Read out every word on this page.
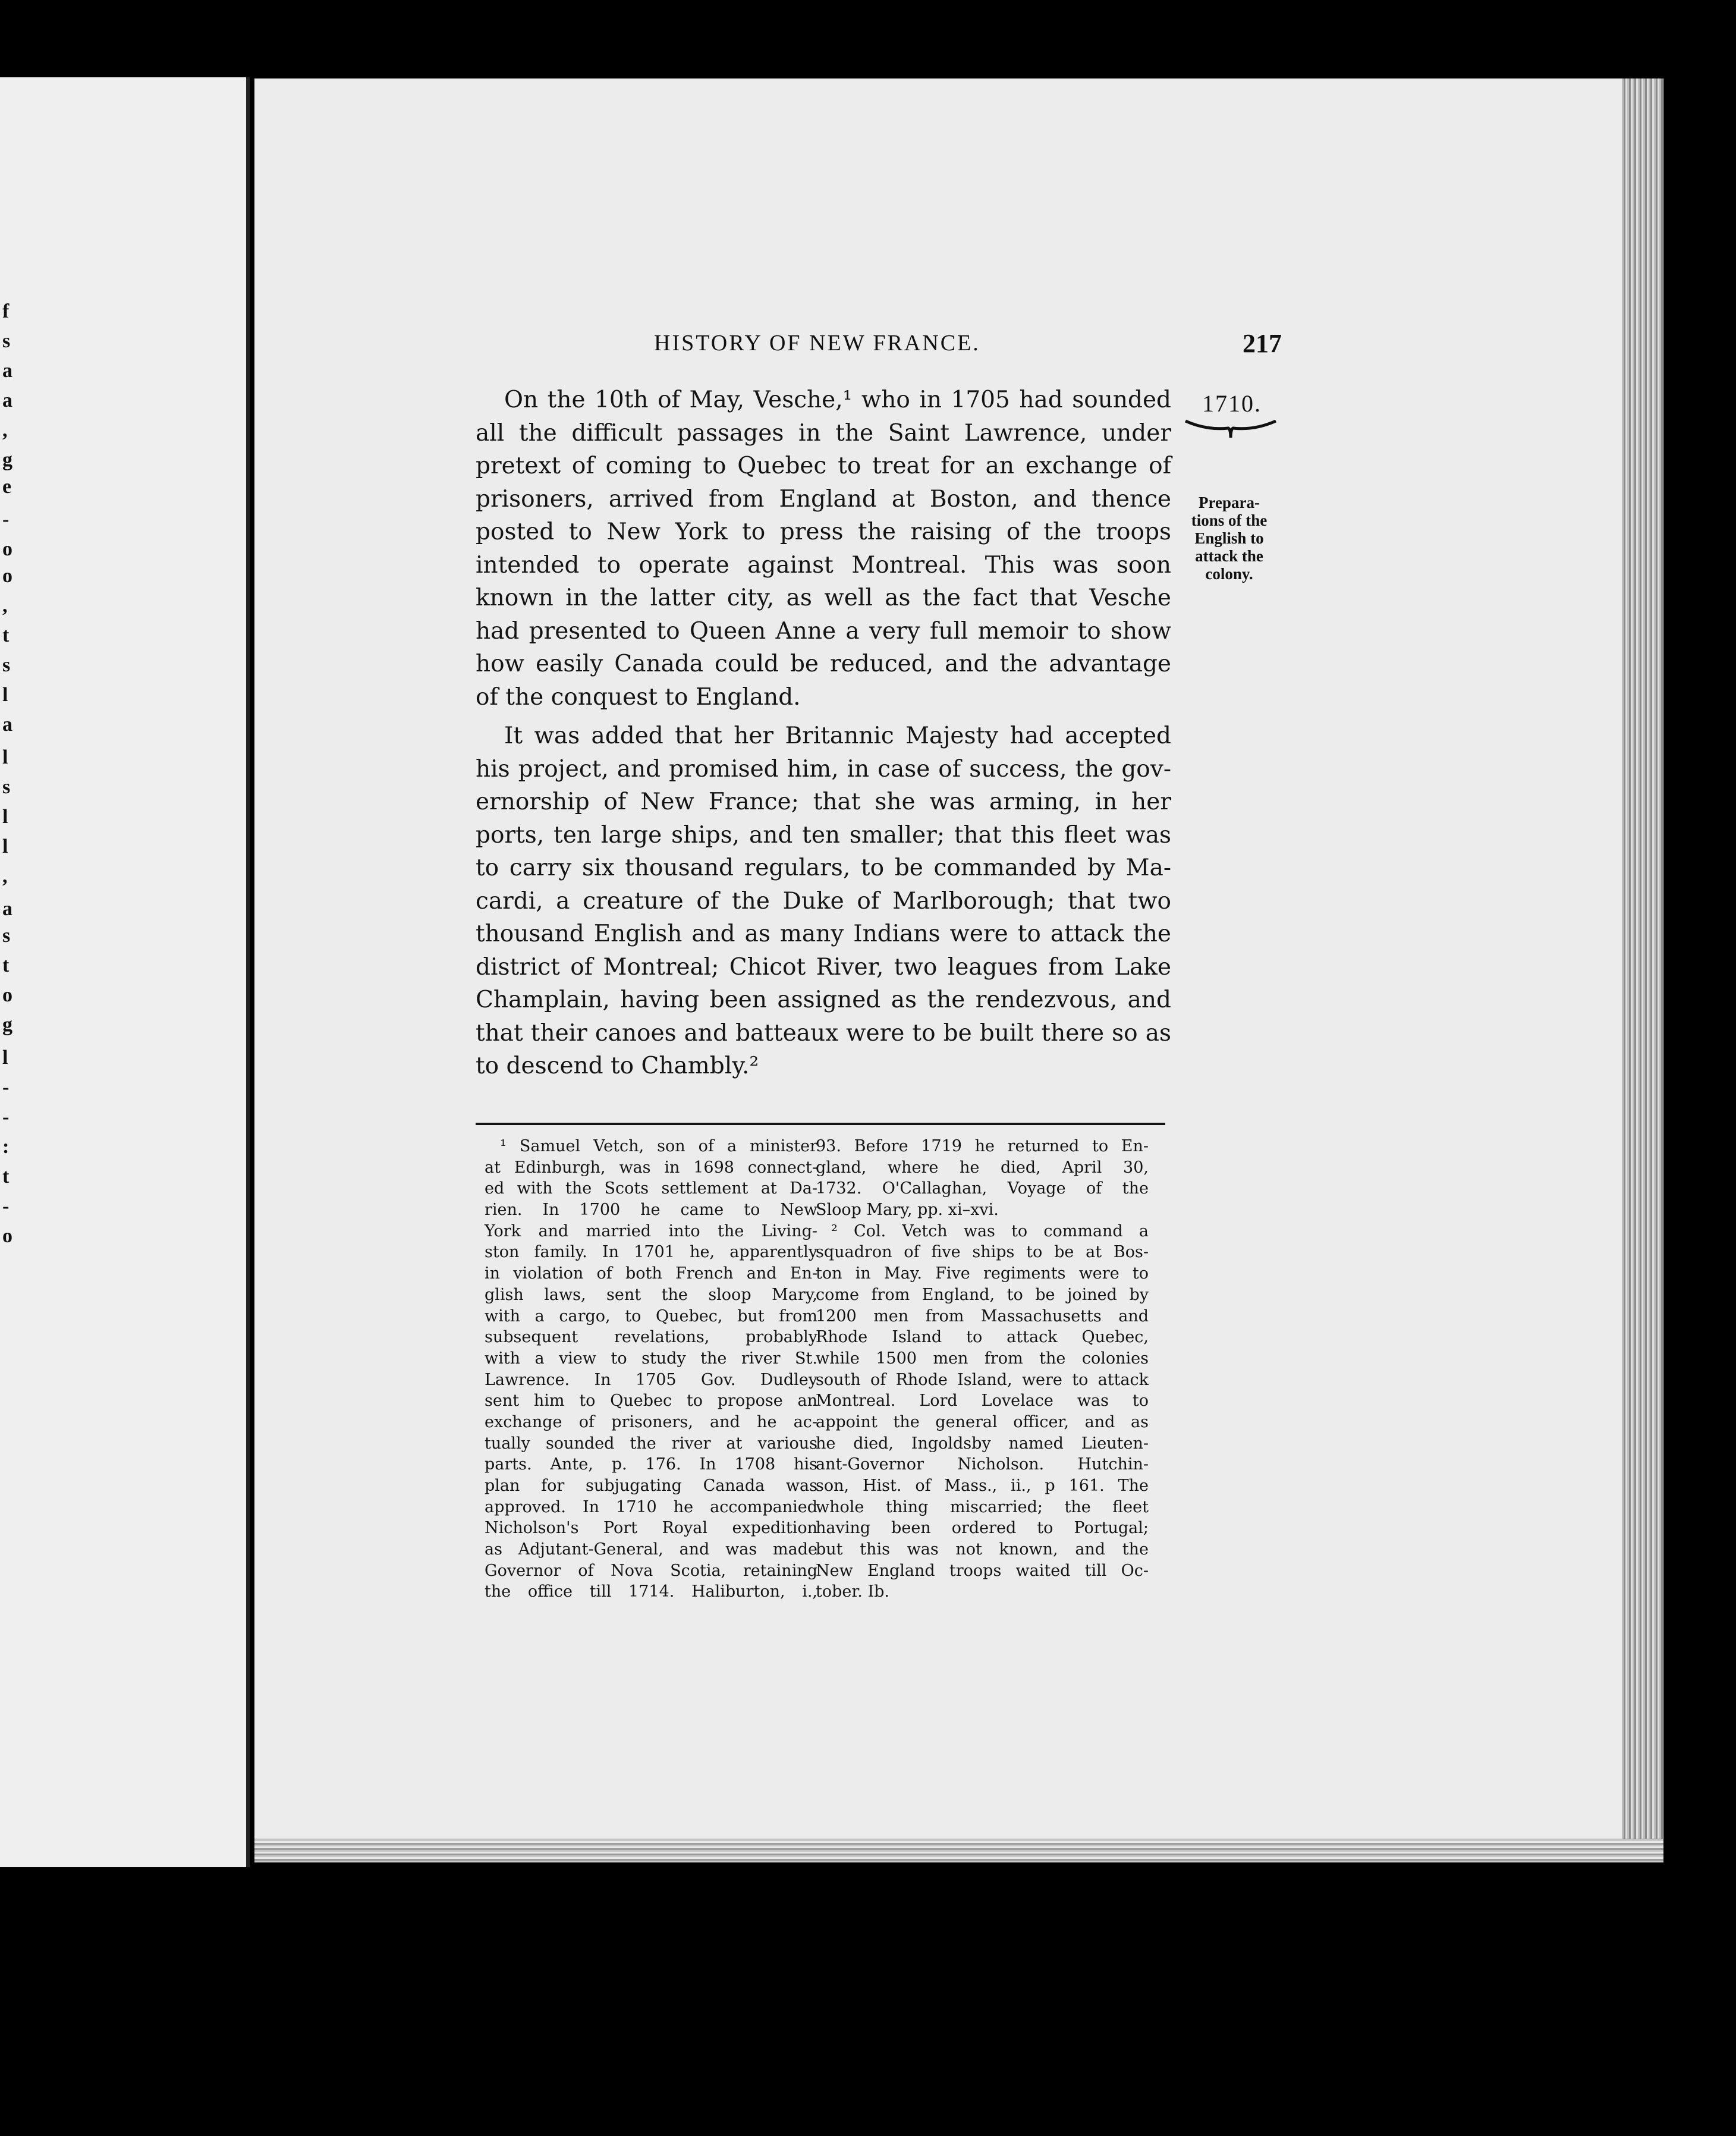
f
s
a
a
,
g
e
-
o
o
,
t
s
l
a
l
s
l
l
,
a
s
t
o
g
l
-
-
:
t
-
o
HISTORY OF NEW FRANCE.	217
1710.
Prepara-
tions of the
English to
attack the
colony.
On the 10th of May, Vesche,¹ who in 1705 had sounded
all the difficult passages in the Saint Lawrence, under
pretext of coming to Quebec to treat for an exchange of
prisoners, arrived from England at Boston, and thence
posted to New York to press the raising of the troops
intended to operate against Montreal. This was soon
known in the latter city, as well as the fact that Vesche
had presented to Queen Anne a very full memoir to show
how easily Canada could be reduced, and the advantage
of the conquest to England.
It was added that her Britannic Majesty had accepted
his project, and promised him, in case of success, the gov-
ernorship of New France; that she was arming, in her
ports, ten large ships, and ten smaller; that this fleet was
to carry six thousand regulars, to be commanded by Ma-
cardi, a creature of the Duke of Marlborough; that two
thousand English and as many Indians were to attack the
district of Montreal; Chicot River, two leagues from Lake
Champlain, having been assigned as the rendezvous, and
that their canoes and batteaux were to be built there so as
to descend to Chambly.²
¹ Samuel Vetch, son of a minister
at Edinburgh, was in 1698 connect-
ed with the Scots settlement at Da-
rien. In 1700 he came to New
York and married into the Living-
ston family. In 1701 he, apparently
in violation of both French and En-
glish laws, sent the sloop Mary,
with a cargo, to Quebec, but from
subsequent revelations, probably
with a view to study the river St.
Lawrence. In 1705 Gov. Dudley
sent him to Quebec to propose an
exchange of prisoners, and he ac-
tually sounded the river at various
parts. Ante, p. 176. In 1708 his
plan for subjugating Canada was
approved. In 1710 he accompanied
Nicholson's Port Royal expedition
as Adjutant-General, and was made
Governor of Nova Scotia, retaining
the office till 1714. Haliburton, i.,
93. Before 1719 he returned to En-
gland, where he died, April 30,
1732. O'Callaghan, Voyage of the
Sloop Mary, pp. xi–xvi.
² Col. Vetch was to command a
squadron of five ships to be at Bos-
ton in May. Five regiments were to
come from England, to be joined by
1200 men from Massachusetts and
Rhode Island to attack Quebec,
while 1500 men from the colonies
south of Rhode Island, were to attack
Montreal. Lord Lovelace was to
appoint the general officer, and as
he died, Ingoldsby named Lieuten-
ant-Governor Nicholson. Hutchin-
son, Hist. of Mass., ii., p 161. The
whole thing miscarried; the fleet
having been ordered to Portugal;
but this was not known, and the
New England troops waited till Oc-
tober. Ib.
